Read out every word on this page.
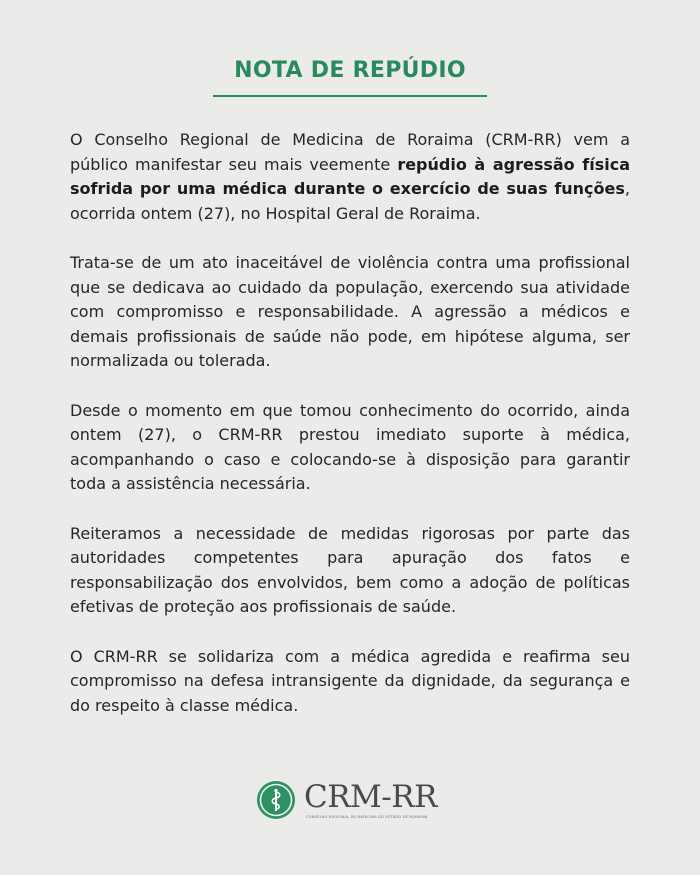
NOTA DE REPÚDIO

O Conselho Regional de Medicina de Roraima (CRM-RR) vem a público manifestar seu mais veemente repúdio à agressão física sofrida por uma médica durante o exercício de suas funções, ocorrida ontem (27), no Hospital Geral de Roraima.

Trata-se de um ato inaceitável de violência contra uma profissional que se dedicava ao cuidado da população, exercendo sua atividade com compromisso e responsabilidade. A agressão a médicos e demais profissionais de saúde não pode, em hipótese alguma, ser normalizada ou tolerada.

Desde o momento em que tomou conhecimento do ocorrido, ainda ontem (27), o CRM-RR prestou imediato suporte à médica, acompanhando o caso e colocando-se à disposição para garantir toda a assistência necessária.

Reiteramos a necessidade de medidas rigorosas por parte das autoridades competentes para apuração dos fatos e responsabilização dos envolvidos, bem como a adoção de políticas efetivas de proteção aos profissionais de saúde.

O CRM-RR se solidariza com a médica agredida e reafirma seu compromisso na defesa intransigente da dignidade, da segurança e do respeito à classe médica.

CRM-RR
CONSELHO REGIONAL DE MEDICINA DO ESTADO DE RORAIMA
